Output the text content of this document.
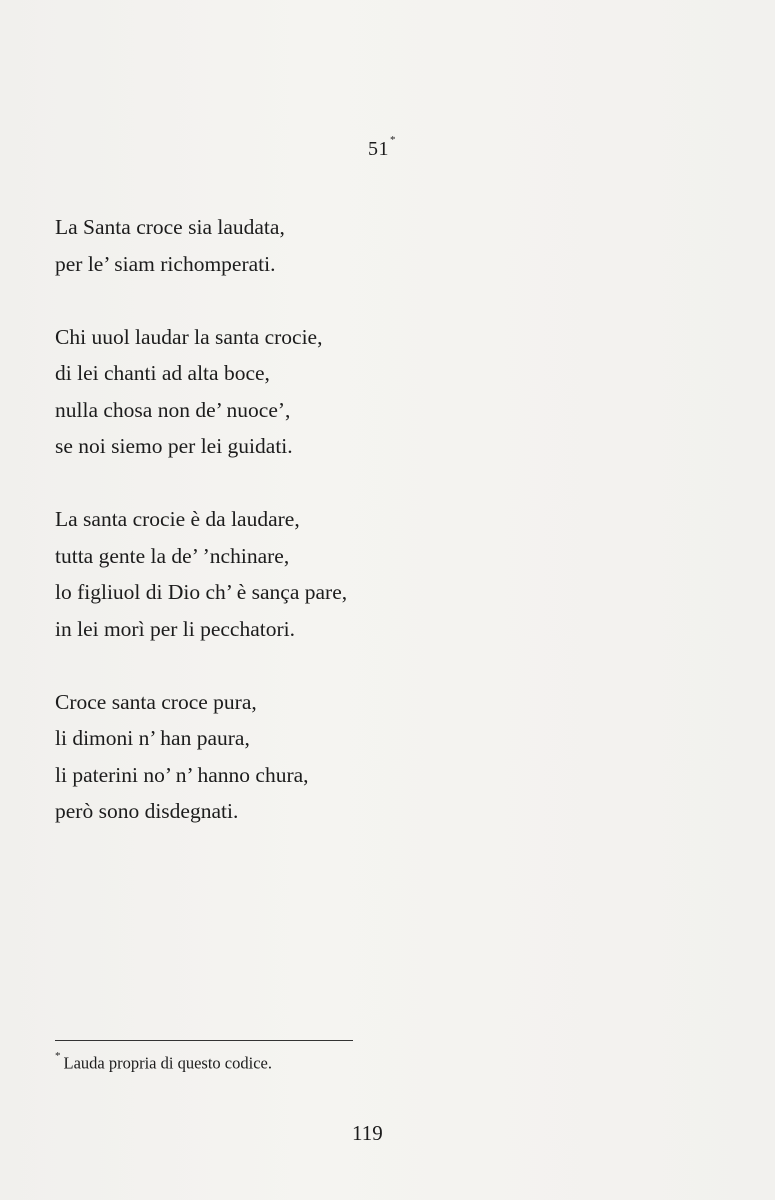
51*
La Santa croce sia laudata,
per le’ siam richomperati.
Chi uuol laudar la santa crocie,
di lei chanti ad alta boce,
nulla chosa non de’ nuoce’,
se noi siemo per lei guidati.
La santa crocie è da laudare,
tutta gente la de’ ’nchinare,
lo figliuol di Dio ch’ è sança pare,
in lei morì per li pecchatori.
Croce santa croce pura,
li dimoni n’ han paura,
li paterini no’ n’ hanno chura,
però sono disdegnati.
* Lauda propria di questo codice.
119
